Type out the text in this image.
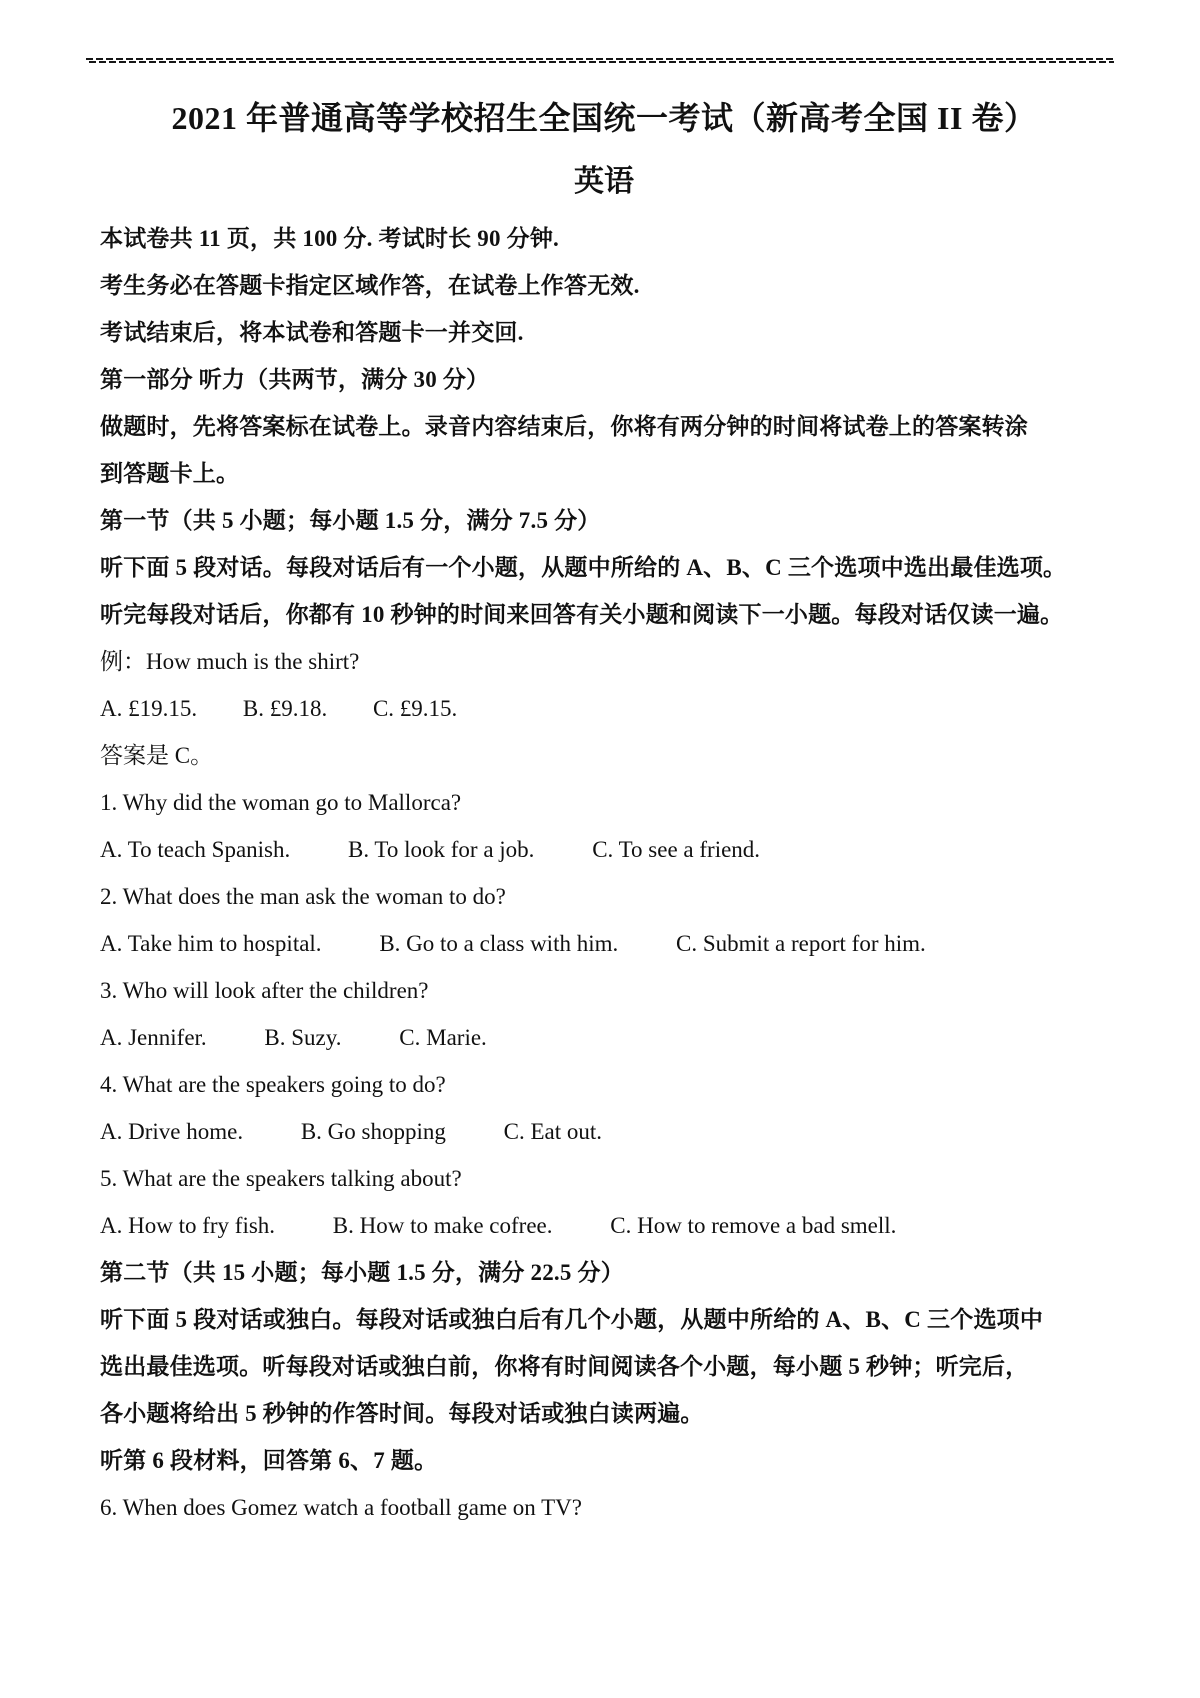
2021 年普通高等学校招生全国统一考试（新高考全国 II 卷）
英语

本试卷共 11 页，共 100 分. 考试时长 90 分钟.

考生务必在答题卡指定区域作答，在试卷上作答无效.

考试结束后，将本试卷和答题卡一并交回.

第一部分 听力（共两节，满分 30 分）

做题时，先将答案标在试卷上。录音内容结束后，你将有两分钟的时间将试卷上的答案转涂

到答题卡上。

第一节（共 5 小题；每小题 1.5 分，满分 7.5 分）

听下面 5 段对话。每段对话后有一个小题，从题中所给的 A、B、C 三个选项中选出最佳选项。

听完每段对话后，你都有 10 秒钟的时间来回答有关小题和阅读下一小题。每段对话仅读一遍。

例：How much is the shirt?

A. £19.15. B. £9.18. C. £9.15.

答案是 C。

1. Why did the woman go to Mallorca?

A. To teach Spanish.	B. To look for a job.	C. To see a friend.

2. What does the man ask the woman to do?

A. Take him to hospital.	B. Go to a class with him.	C. Submit a report for him.

3. Who will look after the children?

A. Jennifer.	B. Suzy.	C. Marie.

4. What are the speakers going to do?

A. Drive home.	B. Go shopping	C. Eat out.

5. What are the speakers talking about?

A. How to fry fish.	B. How to make cofree.	C. How to remove a bad smell.

第二节（共 15 小题；每小题 1.5 分，满分 22.5 分）

听下面 5 段对话或独白。每段对话或独白后有几个小题，从题中所给的 A、B、C 三个选项中

选出最佳选项。听每段对话或独白前，你将有时间阅读各个小题，每小题 5 秒钟；听完后，

各小题将给出 5 秒钟的作答时间。每段对话或独白读两遍。

听第 6 段材料，回答第 6、7 题。

6. When does Gomez watch a football game on TV?
